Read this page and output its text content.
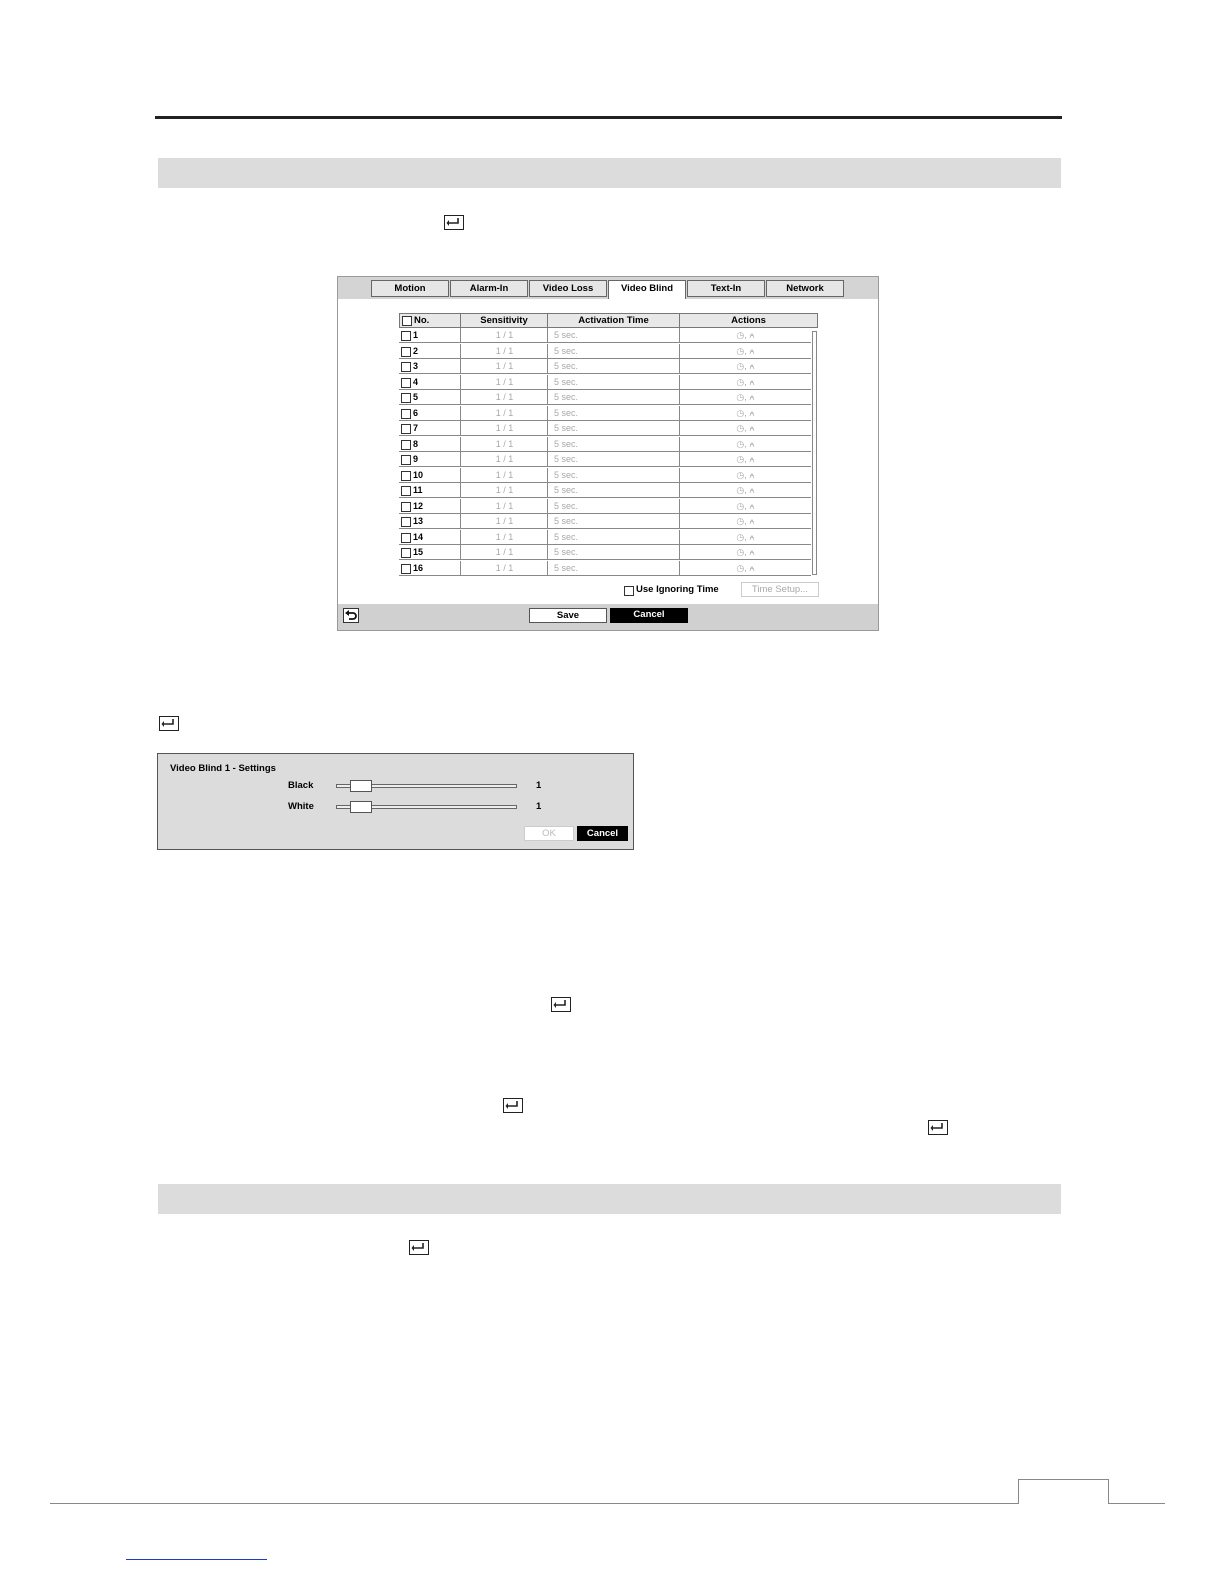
Motion	Alarm-In	Video Loss	Video Blind	Text-In	Network
No.	Sensitivity	Activation Time	Actions
1	1 / 1	5 sec.	◷, ⍲
2	1 / 1	5 sec.	◷, ⍲
3	1 / 1	5 sec.	◷, ⍲
4	1 / 1	5 sec.	◷, ⍲
5	1 / 1	5 sec.	◷, ⍲
6	1 / 1	5 sec.	◷, ⍲
7	1 / 1	5 sec.	◷, ⍲
8	1 / 1	5 sec.	◷, ⍲
9	1 / 1	5 sec.	◷, ⍲
10	1 / 1	5 sec.	◷, ⍲
11	1 / 1	5 sec.	◷, ⍲
12	1 / 1	5 sec.	◷, ⍲
13	1 / 1	5 sec.	◷, ⍲
14	1 / 1	5 sec.	◷, ⍲
15	1 / 1	5 sec.	◷, ⍲
16	1 / 1	5 sec.	◷, ⍲
Use Ignoring Time	Time Setup...
Save	Cancel
Video Blind 1 - Settings
Black	1
White	1
OK	Cancel
